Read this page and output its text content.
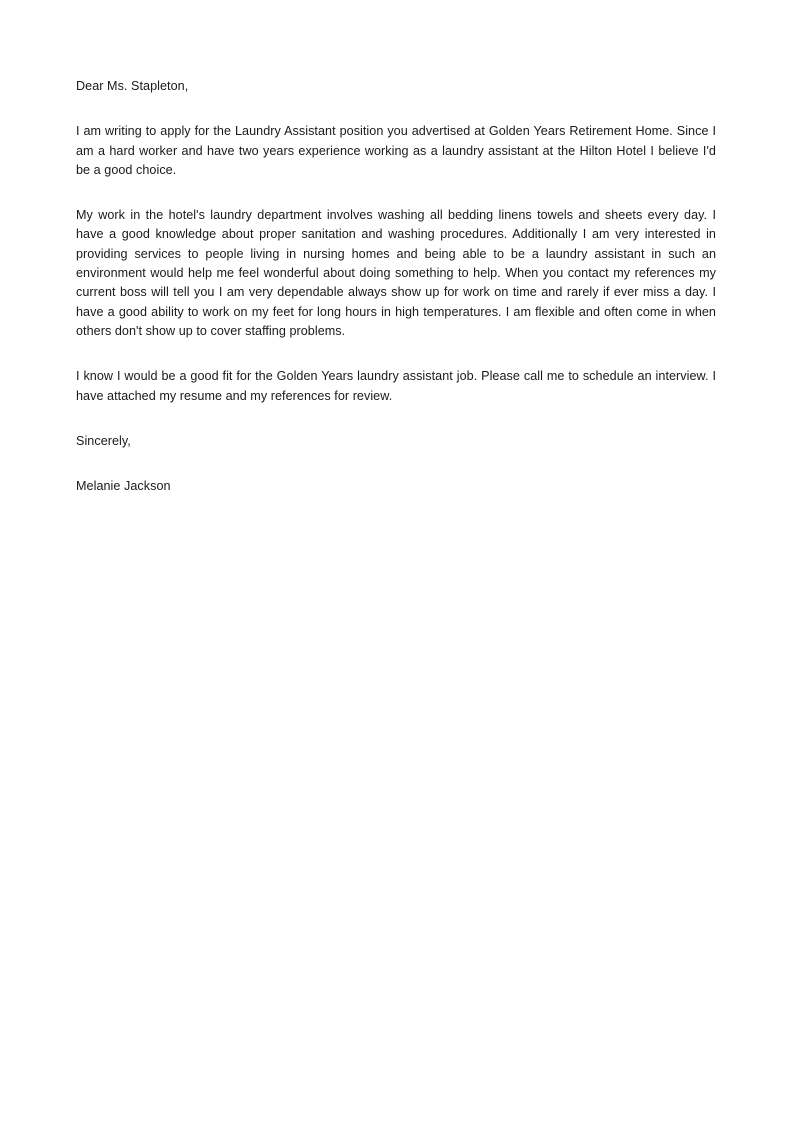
Dear Ms. Stapleton,

I am writing to apply for the Laundry Assistant position you advertised at Golden Years Retirement Home. Since I am a hard worker and have two years experience working as a laundry assistant at the Hilton Hotel I believe I'd be a good choice.

My work in the hotel's laundry department involves washing all bedding linens towels and sheets every day. I have a good knowledge about proper sanitation and washing procedures. Additionally I am very interested in providing services to people living in nursing homes and being able to be a laundry assistant in such an environment would help me feel wonderful about doing something to help. When you contact my references my current boss will tell you I am very dependable always show up for work on time and rarely if ever miss a day. I have a good ability to work on my feet for long hours in high temperatures. I am flexible and often come in when others don't show up to cover staffing problems.

I know I would be a good fit for the Golden Years laundry assistant job. Please call me to schedule an interview. I have attached my resume and my references for review.

Sincerely,

Melanie Jackson
